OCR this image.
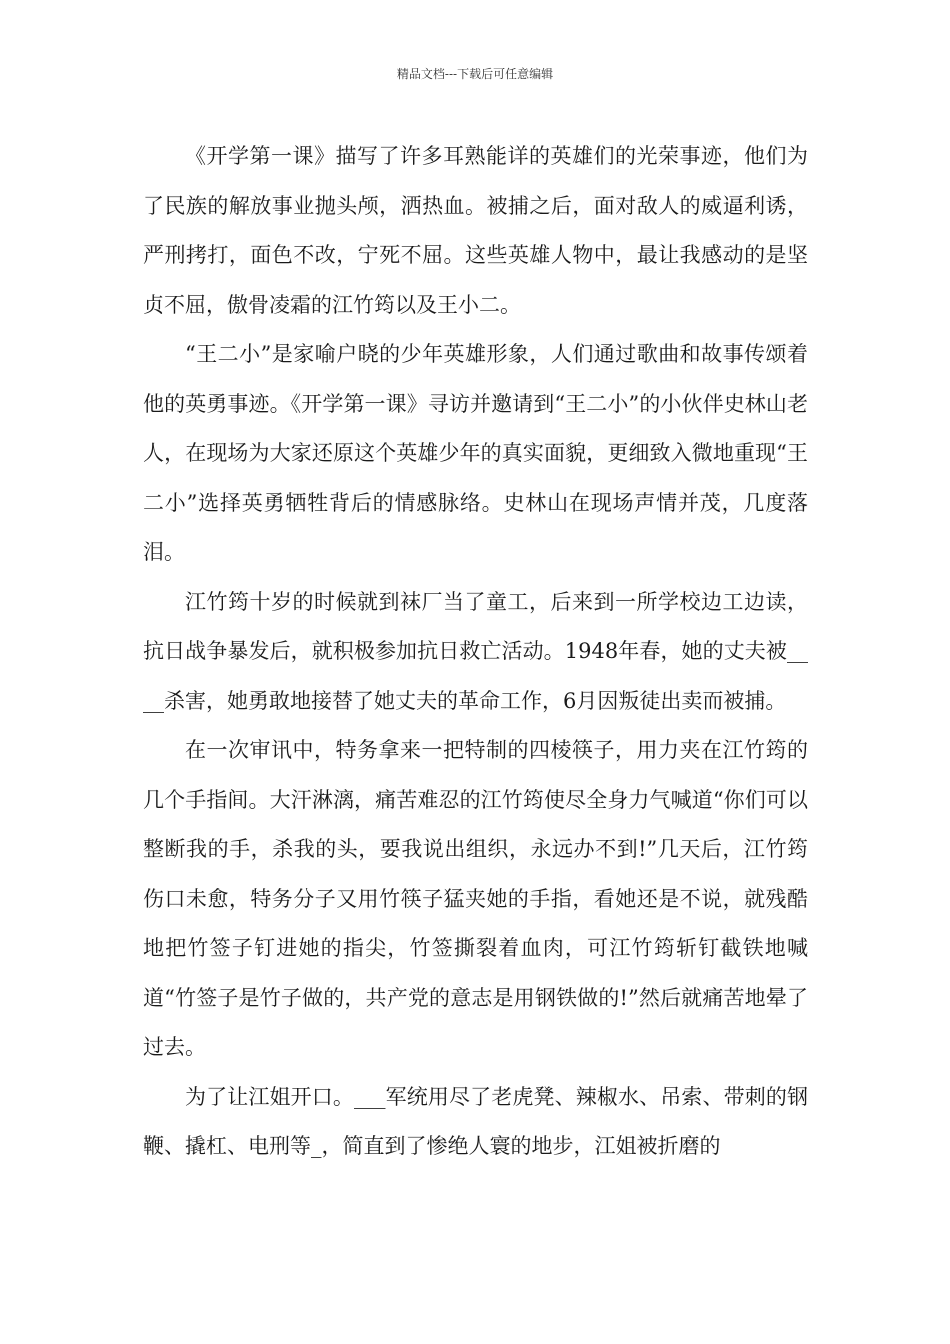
精品文档---下载后可任意编辑

《开学第一课》描写了许多耳熟能详的英雄们的光荣事迹，他们为了民族的解放事业抛头颅，洒热血。被捕之后，面对敌人的威逼利诱，严刑拷打，面色不改，宁死不屈。这些英雄人物中，最让我感动的是坚贞不屈，傲骨凌霜的江竹筠以及王小二。

“王二小”是家喻户晓的少年英雄形象，人们通过歌曲和故事传颂着他的英勇事迹。《开学第一课》寻访并邀请到“王二小”的小伙伴史林山老人，在现场为大家还原这个英雄少年的真实面貌，更细致入微地重现“王二小”选择英勇牺牲背后的情感脉络。史林山在现场声情并茂，几度落泪。

江竹筠十岁的时候就到袜厂当了童工，后来到一所学校边工边读，抗日战争暴发后，就积极参加抗日救亡活动。1948年春，她的丈夫被____杀害，她勇敢地接替了她丈夫的革命工作，6月因叛徒出卖而被捕。

在一次审讯中，特务拿来一把特制的四棱筷子，用力夹在江竹筠的几个手指间。大汗淋漓，痛苦难忍的江竹筠使尽全身力气喊道“你们可以整断我的手，杀我的头，要我说出组织，永远办不到!”几天后，江竹筠伤口未愈，特务分子又用竹筷子猛夹她的手指，看她还是不说，就残酷地把竹签子钉进她的指尖，竹签撕裂着血肉，可江竹筠斩钉截铁地喊道“竹签子是竹子做的，共产党的意志是用钢铁做的!”然后就痛苦地晕了过去。

为了让江姐开口。___军统用尽了老虎凳、辣椒水、吊索、带刺的钢鞭、撬杠、电刑等_，简直到了惨绝人寰的地步，江姐被折磨的
